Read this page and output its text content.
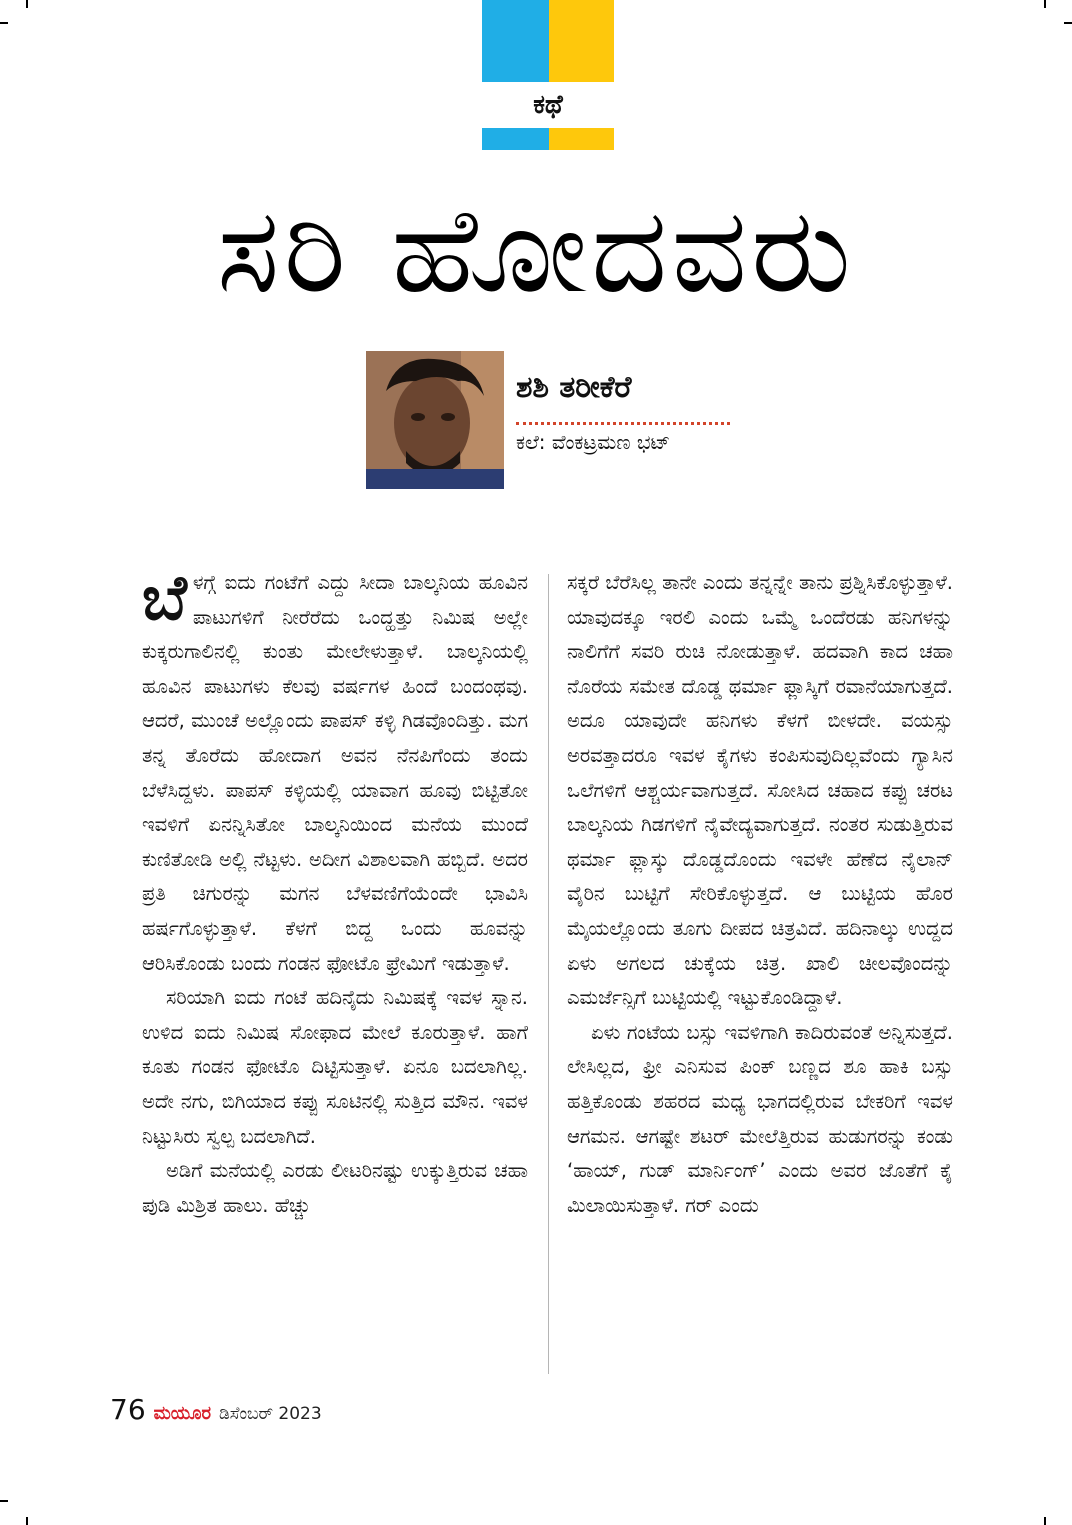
ಕಥೆ
ಸರಿ ಹೋದವರು
ಶಶಿ ತರೀಕೆರೆ
ಕಲೆ: ವೆಂಕಟ್ರಮಣ ಭಟ್

ಬೆಳಗ್ಗೆ ಐದು ಗಂಟೆಗೆ ಎದ್ದು ಸೀದಾ ಬಾಲ್ಕನಿಯ ಹೂವಿನ ಪಾಟುಗಳಿಗೆ ನೀರೆರೆದು ಒಂದ್ಹತ್ತು ನಿಮಿಷ ಅಲ್ಲೇ ಕುಕ್ಕರುಗಾಲಿನಲ್ಲಿ ಕುಂತು ಮೇಲೇಳುತ್ತಾಳೆ. ಬಾಲ್ಕನಿಯಲ್ಲಿ ಹೂವಿನ ಪಾಟುಗಳು ಕೆಲವು ವರ್ಷಗಳ ಹಿಂದೆ ಬಂದಂಥವು. ಆದರೆ, ಮುಂಚೆ ಅಲ್ಲೊಂದು ಪಾಪಸ್ ಕಳ್ಳಿ ಗಿಡವೊಂದಿತ್ತು. ಮಗ ತನ್ನ ತೊರೆದು ಹೋದಾಗ ಅವನ ನೆನಪಿಗೆಂದು ತಂದು ಬೆಳೆಸಿದ್ದಳು. ಪಾಪಸ್ ಕಳ್ಳಿಯಲ್ಲಿ ಯಾವಾಗ ಹೂವು ಬಿಟ್ಟಿತೋ ಇವಳಿಗೆ ಏನನ್ನಿಸಿತೋ ಬಾಲ್ಕನಿಯಿಂದ ಮನೆಯ ಮುಂದೆ ಕುಣಿತೋಡಿ ಅಲ್ಲಿ ನೆಟ್ಟಳು. ಅದೀಗ ವಿಶಾಲವಾಗಿ ಹಬ್ಬಿದೆ. ಅದರ ಪ್ರತಿ ಚಿಗುರನ್ನು ಮಗನ ಬೆಳವಣಿಗೆಯೆಂದೇ ಭಾವಿಸಿ ಹರ್ಷಗೊಳ್ಳುತ್ತಾಳೆ. ಕೆಳಗೆ ಬಿದ್ದ ಒಂದು ಹೂವನ್ನು ಆರಿಸಿಕೊಂಡು ಬಂದು ಗಂಡನ ಫೋಟೊ ಫ್ರೇಮಿಗೆ ಇಡುತ್ತಾಳೆ.

ಸರಿಯಾಗಿ ಐದು ಗಂಟೆ ಹದಿನೈದು ನಿಮಿಷಕ್ಕೆ ಇವಳ ಸ್ನಾನ. ಉಳಿದ ಐದು ನಿಮಿಷ ಸೋಫಾದ ಮೇಲೆ ಕೂರುತ್ತಾಳೆ. ಹಾಗೆ ಕೂತು ಗಂಡನ ಫೋಟೊ ದಿಟ್ಟಿಸುತ್ತಾಳೆ. ಏನೂ ಬದಲಾಗಿಲ್ಲ. ಅದೇ ನಗು, ಬಿಗಿಯಾದ ಕಪ್ಪು ಸೂಟಿನಲ್ಲಿ ಸುತ್ತಿದ ಮೌನ. ಇವಳ ನಿಟ್ಟುಸಿರು ಸ್ವಲ್ಪ ಬದಲಾಗಿದೆ.

ಅಡಿಗೆ ಮನೆಯಲ್ಲಿ ಎರಡು ಲೀಟರಿನಷ್ಟು ಉಕ್ಕುತ್ತಿರುವ ಚಹಾ ಪುಡಿ ಮಿಶ್ರಿತ ಹಾಲು. ಹೆಚ್ಚು

ಸಕ್ಕರೆ ಬೆರೆಸಿಲ್ಲ ತಾನೇ ಎಂದು ತನ್ನನ್ನೇ ತಾನು ಪ್ರಶ್ನಿಸಿಕೊಳ್ಳುತ್ತಾಳೆ. ಯಾವುದಕ್ಕೂ ಇರಲಿ ಎಂದು ಒಮ್ಮೆ ಒಂದೆರಡು ಹನಿಗಳನ್ನು ನಾಲಿಗೆಗೆ ಸವರಿ ರುಚಿ ನೋಡುತ್ತಾಳೆ. ಹದವಾಗಿ ಕಾದ ಚಹಾ ನೊರೆಯ ಸಮೇತ ದೊಡ್ಡ ಥರ್ಮಾ ಫ್ಲಾಸ್ಕಿಗೆ ರವಾನೆಯಾಗುತ್ತದೆ. ಅದೂ ಯಾವುದೇ ಹನಿಗಳು ಕೆಳಗೆ ಬೀಳದೇ. ವಯಸ್ಸು ಅರವತ್ತಾದರೂ ಇವಳ ಕೈಗಳು ಕಂಪಿಸುವುದಿಲ್ಲವೆಂದು ಗ್ಯಾಸಿನ ಒಲೆಗಳಿಗೆ ಆಶ್ಚರ್ಯವಾಗುತ್ತದೆ. ಸೋಸಿದ ಚಹಾದ ಕಪ್ಪು ಚರಟ ಬಾಲ್ಕನಿಯ ಗಿಡಗಳಿಗೆ ನೈವೇದ್ಯವಾಗುತ್ತದೆ. ನಂತರ ಸುಡುತ್ತಿರುವ ಥರ್ಮಾ ಫ್ಲಾಸ್ಕು ದೊಡ್ಡದೊಂದು ಇವಳೇ ಹೆಣೆದ ನೈಲಾನ್ ವೈರಿನ ಬುಟ್ಟಿಗೆ ಸೇರಿಕೊಳ್ಳುತ್ತದೆ. ಆ ಬುಟ್ಟಿಯ ಹೊರ ಮೈಯಲ್ಲೊಂದು ತೂಗು ದೀಪದ ಚಿತ್ರವಿದೆ. ಹದಿನಾಲ್ಕು ಉದ್ದದ ಏಳು ಅಗಲದ ಚುಕ್ಕೆಯ ಚಿತ್ರ. ಖಾಲಿ ಚೀಲವೊಂದನ್ನು ಎಮರ್ಜೆನ್ಸಿಗೆ ಬುಟ್ಟಿಯಲ್ಲಿ ಇಟ್ಟುಕೊಂಡಿದ್ದಾಳೆ.

ಏಳು ಗಂಟೆಯ ಬಸ್ಸು ಇವಳಿಗಾಗಿ ಕಾದಿರುವಂತೆ ಅನ್ನಿಸುತ್ತದೆ. ಲೇಸಿಲ್ಲದ, ಫ್ರೀ ಎನಿಸುವ ಪಿಂಕ್ ಬಣ್ಣದ ಶೂ ಹಾಕಿ ಬಸ್ಸು ಹತ್ತಿಕೊಂಡು ಶಹರದ ಮಧ್ಯ ಭಾಗದಲ್ಲಿರುವ ಬೇಕರಿಗೆ ಇವಳ ಆಗಮನ. ಆಗಷ್ಟೇ ಶಟರ್ ಮೇಲೆತ್ತಿರುವ ಹುಡುಗರನ್ನು ಕಂಡು ‘ಹಾಯ್, ಗುಡ್ ಮಾರ್ನಿಂಗ್’ ಎಂದು ಅವರ ಜೊತೆಗೆ ಕೈ ಮಿಲಾಯಿಸುತ್ತಾಳೆ. ಗರ್ ಎಂದು

76 ಮಯೂರ ಡಿಸೆಂಬರ್ 2023
